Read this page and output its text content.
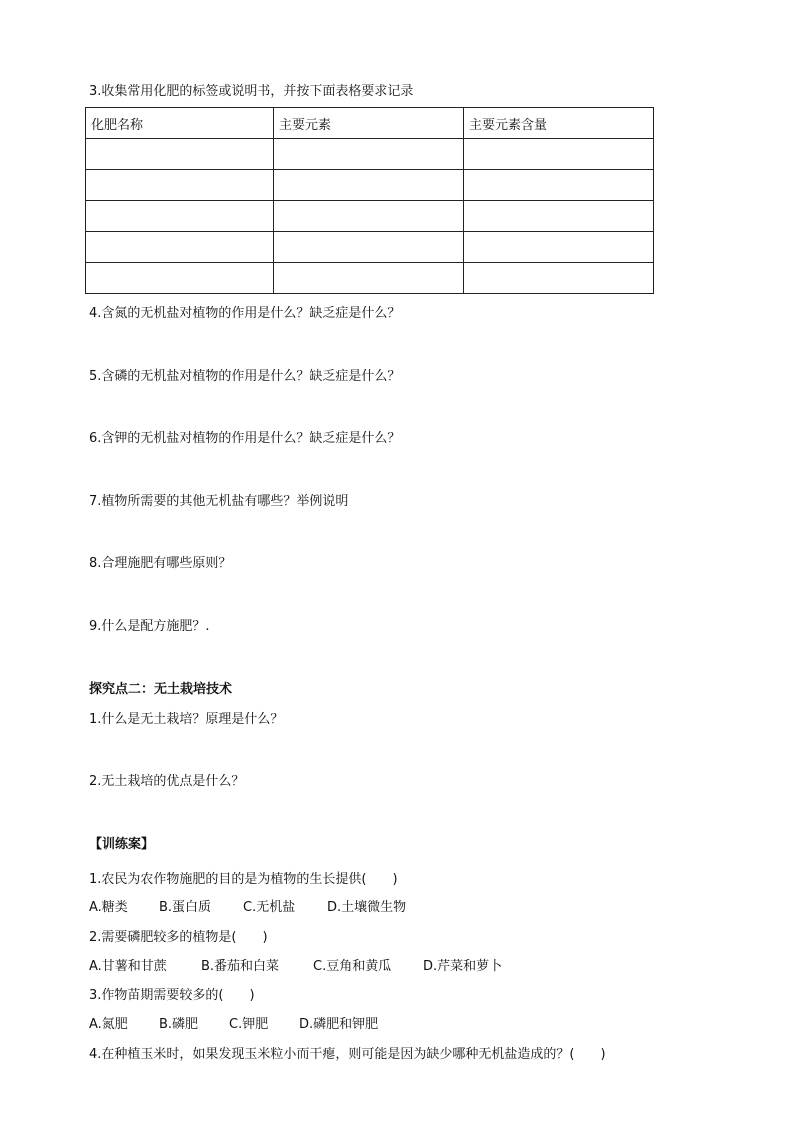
3.收集常用化肥的标签或说明书，并按下面表格要求记录
化肥名称	主要元素	主要元素含量

4.含氮的无机盐对植物的作用是什么？缺乏症是什么？
5.含磷的无机盐对植物的作用是什么？缺乏症是什么？
6.含钾的无机盐对植物的作用是什么？缺乏症是什么？
7.植物所需要的其他无机盐有哪些？举例说明
8.合理施肥有哪些原则？
9.什么是配方施肥？.
探究点二：无土栽培技术
1.什么是无土栽培？原理是什么？
2.无土栽培的优点是什么？
【训练案】
1.农民为农作物施肥的目的是为植物的生长提供(　　)
A.糖类 B.蛋白质 C.无机盐 D.土壤微生物
2.需要磷肥较多的植物是(　　)
A.甘薯和甘蔗	B.番茄和白菜	C.豆角和黄瓜 D.芹菜和萝卜
3.作物苗期需要较多的(　　)
A.氮肥 B.磷肥 C.钾肥 D.磷肥和钾肥
4.在种植玉米时，如果发现玉米粒小而干瘪，则可能是因为缺少哪种无机盐造成的？(　　)
